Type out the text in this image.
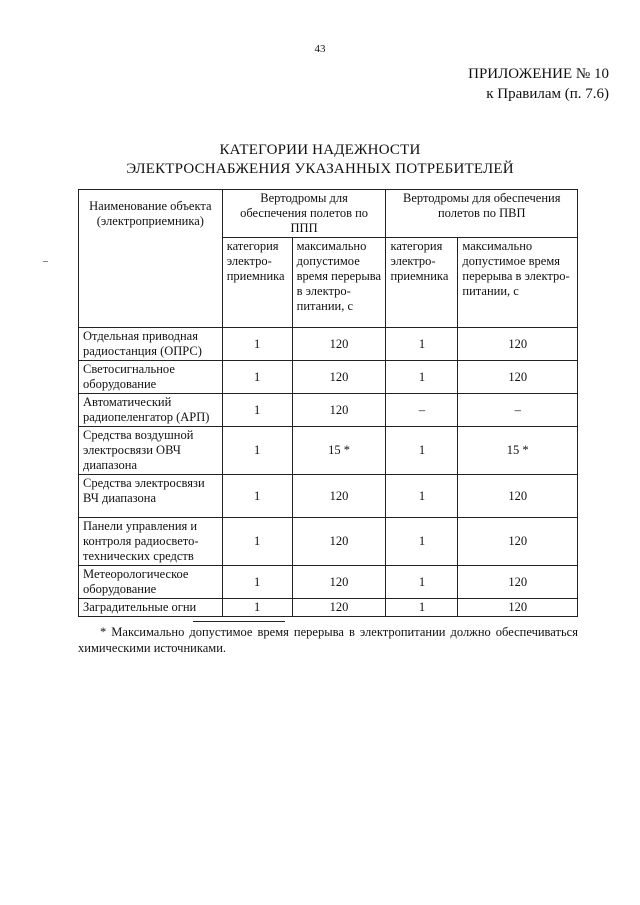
43
ПРИЛОЖЕНИЕ № 10
к Правилам (п. 7.6)
КАТЕГОРИИ НАДЕЖНОСТИ
ЭЛЕКТРОСНАБЖЕНИЯ УКАЗАННЫХ ПОТРЕБИТЕЛЕЙ
–
Наименование объекта (электроприемника)	Вертодромы для обеспечения полетов по ППП		Вертодромы для обеспечения полетов по ПВП	
	категория электро- приемника	максимально допустимое время перерыва в электро- питании, с	категория электро- приемника	максимально допустимое время перерыва в электро-питании, с
Отдельная приводная радиостанция (ОПРС)	1	120	1	120
Светосигнальное оборудование	1	120	1	120
Автоматический радиопеленгатор (АРП)	1	120	–	–
Средства воздушной электросвязи ОВЧ диапазона	1	15 *	1	15 *
Средства электросвязи ВЧ диапазона	1	120	1	120
Панели управления и контроля радиосвето- технических средств	1	120	1	120
Метеорологическое оборудование	1	120	1	120
Заградительные огни	1	120	1	120
* Максимально допустимое время перерыва в электропитании должно обеспечиваться химическими источниками.
